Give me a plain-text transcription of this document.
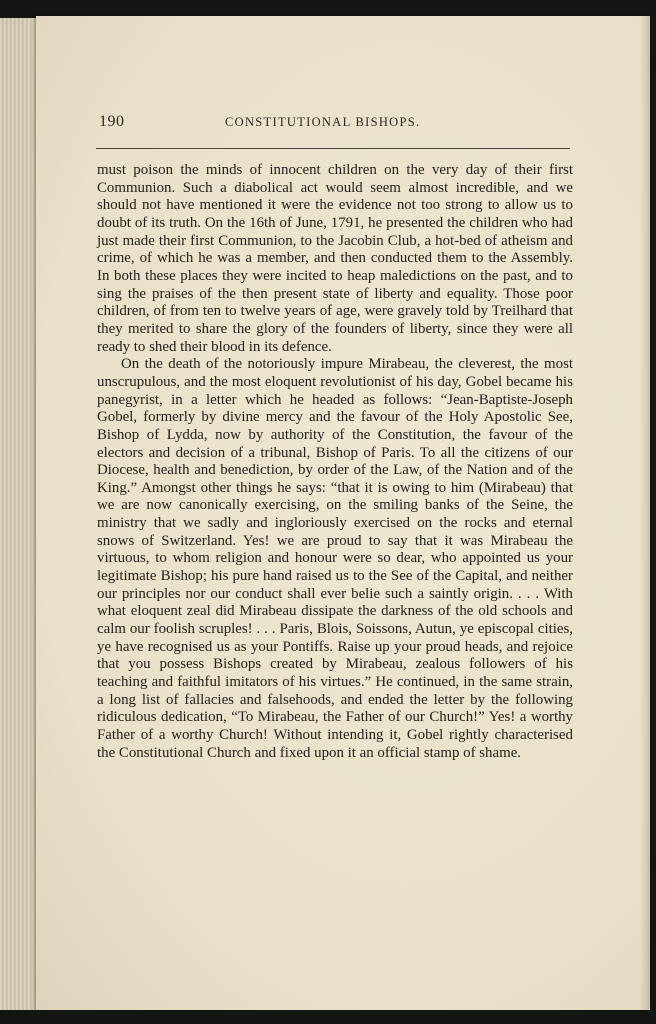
190	CONSTITUTIONAL BISHOPS.

must poison the minds of innocent children on the very day of their first Communion. Such a diabolical act would seem almost incredible, and we should not have mentioned it were the evidence not too strong to allow us to doubt of its truth. On the 16th of June, 1791, he presented the children who had just made their first Communion, to the Jacobin Club, a hot-bed of atheism and crime, of which he was a member, and then conducted them to the Assembly. In both these places they were incited to heap maledictions on the past, and to sing the praises of the then present state of liberty and equality. Those poor children, of from ten to twelve years of age, were gravely told by Treilhard that they merited to share the glory of the founders of liberty, since they were all ready to shed their blood in its defence.

On the death of the notoriously impure Mirabeau, the cleverest, the most unscrupulous, and the most eloquent revolutionist of his day, Gobel became his panegyrist, in a letter which he headed as follows: “Jean-Baptiste-Joseph Gobel, formerly by divine mercy and the favour of the Holy Apostolic See, Bishop of Lydda, now by authority of the Constitution, the favour of the electors and decision of a tribunal, Bishop of Paris. To all the citizens of our Diocese, health and benediction, by order of the Law, of the Nation and of the King.” Amongst other things he says: “that it is owing to him (Mirabeau) that we are now canonically exercising, on the smiling banks of the Seine, the ministry that we sadly and ingloriously exercised on the rocks and eternal snows of Switzerland. Yes! we are proud to say that it was Mirabeau the virtuous, to whom religion and honour were so dear, who appointed us your legitimate Bishop; his pure hand raised us to the See of the Capital, and neither our principles nor our conduct shall ever belie such a saintly origin. . . . With what eloquent zeal did Mirabeau dissipate the darkness of the old schools and calm our foolish scruples! . . . Paris, Blois, Soissons, Autun, ye episcopal cities, ye have recognised us as your Pontiffs. Raise up your proud heads, and rejoice that you possess Bishops created by Mirabeau, zealous followers of his teaching and faithful imitators of his virtues.” He continued, in the same strain, a long list of fallacies and falsehoods, and ended the letter by the following ridiculous dedication, “To Mirabeau, the Father of our Church!” Yes! a worthy Father of a worthy Church! Without intending it, Gobel rightly characterised the Constitutional Church and fixed upon it an official stamp of shame.
